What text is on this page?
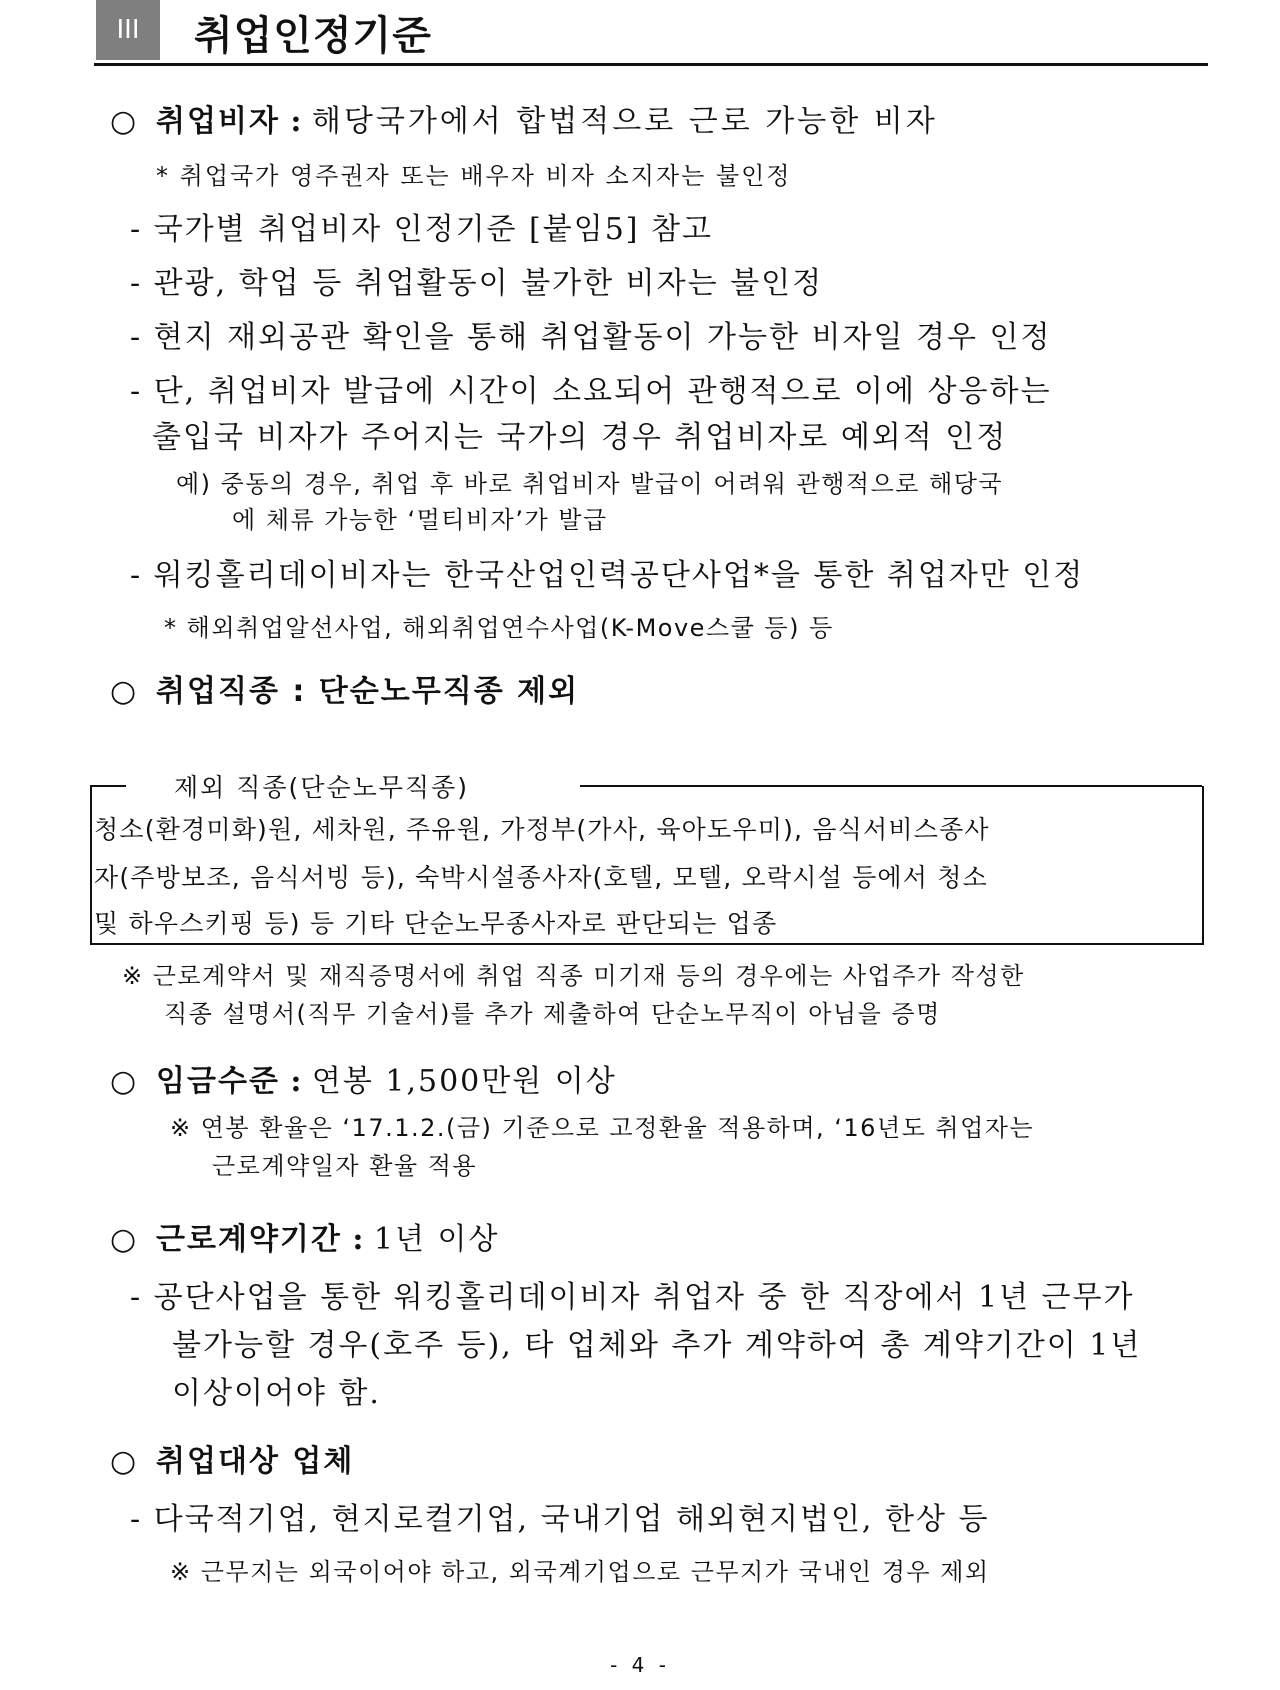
III 취업인정기준
○ 취업비자 : 해당국가에서 합법적으로 근로 가능한 비자
* 취업국가 영주권자 또는 배우자 비자 소지자는 불인정
- 국가별 취업비자 인정기준 [붙임5] 참고
- 관광, 학업 등 취업활동이 불가한 비자는 불인정
- 현지 재외공관 확인을 통해 취업활동이 가능한 비자일 경우 인정
- 단, 취업비자 발급에 시간이 소요되어 관행적으로 이에 상응하는
출입국 비자가 주어지는 국가의 경우 취업비자로 예외적 인정
예) 중동의 경우, 취업 후 바로 취업비자 발급이 어려워 관행적으로 해당국
에 체류 가능한 ‘멀티비자’가 발급
- 워킹홀리데이비자는 한국산업인력공단사업*을 통한 취업자만 인정
* 해외취업알선사업, 해외취업연수사업(K-Move스쿨 등) 등
○ 취업직종 : 단순노무직종 제외
제외 직종(단순노무직종)
청소(환경미화)원, 세차원, 주유원, 가정부(가사, 육아도우미), 음식서비스종사
자(주방보조, 음식서빙 등), 숙박시설종사자(호텔, 모텔, 오락시설 등에서 청소
및 하우스키핑 등) 등 기타 단순노무종사자로 판단되는 업종
※ 근로계약서 및 재직증명서에 취업 직종 미기재 등의 경우에는 사업주가 작성한
직종 설명서(직무 기술서)를 추가 제출하여 단순노무직이 아님을 증명
○ 임금수준 : 연봉 1,500만원 이상
※ 연봉 환율은 ‘17.1.2.(금) 기준으로 고정환율 적용하며, ‘16년도 취업자는
근로계약일자 환율 적용
○ 근로계약기간 : 1년 이상
- 공단사업을 통한 워킹홀리데이비자 취업자 중 한 직장에서 1년 근무가
불가능할 경우(호주 등), 타 업체와 추가 계약하여 총 계약기간이 1년
이상이어야 함.
○ 취업대상 업체
- 다국적기업, 현지로컬기업, 국내기업 해외현지법인, 한상 등
※ 근무지는 외국이어야 하고, 외국계기업으로 근무지가 국내인 경우 제외
- 4 -
